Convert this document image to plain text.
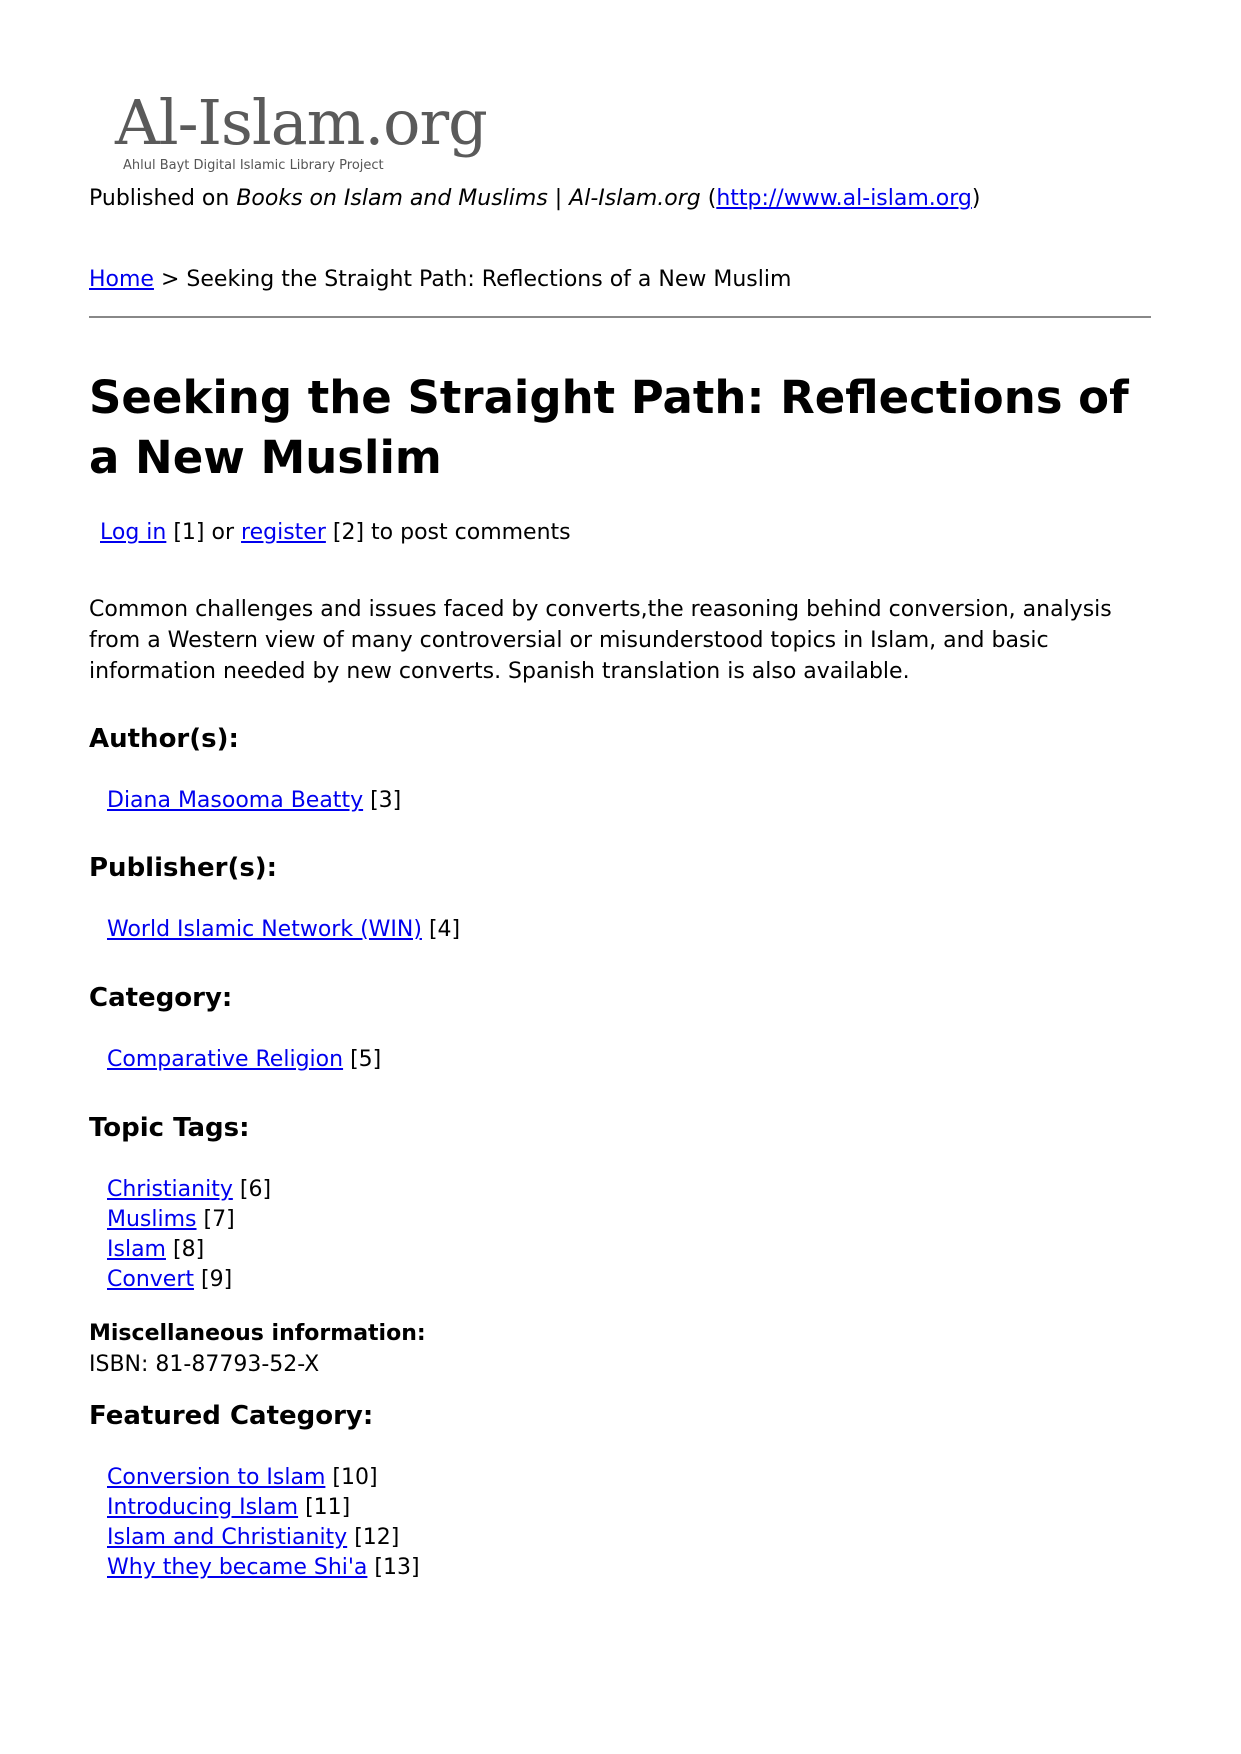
Al-Islam.org
Ahlul Bayt Digital Islamic Library Project
Published on Books on Islam and Muslims | Al-Islam.org (http://www.al-islam.org)
Home > Seeking the Straight Path: Reflections of a New Muslim
Seeking the Straight Path: Reflections of a New Muslim
Log in [1] or register [2] to post comments

Common challenges and issues faced by converts,the reasoning behind conversion, analysis from a Western view of many controversial or misunderstood topics in Islam, and basic information needed by new converts. Spanish translation is also available.

Author(s):
Diana Masooma Beatty [3]
Publisher(s):
World Islamic Network (WIN) [4]
Category:
Comparative Religion [5]
Topic Tags:
Christianity [6]
Muslims [7]
Islam [8]
Convert [9]
Miscellaneous information:
ISBN: 81-87793-52-X
Featured Category:
Conversion to Islam [10]
Introducing Islam [11]
Islam and Christianity [12]
Why they became Shi'a [13]
